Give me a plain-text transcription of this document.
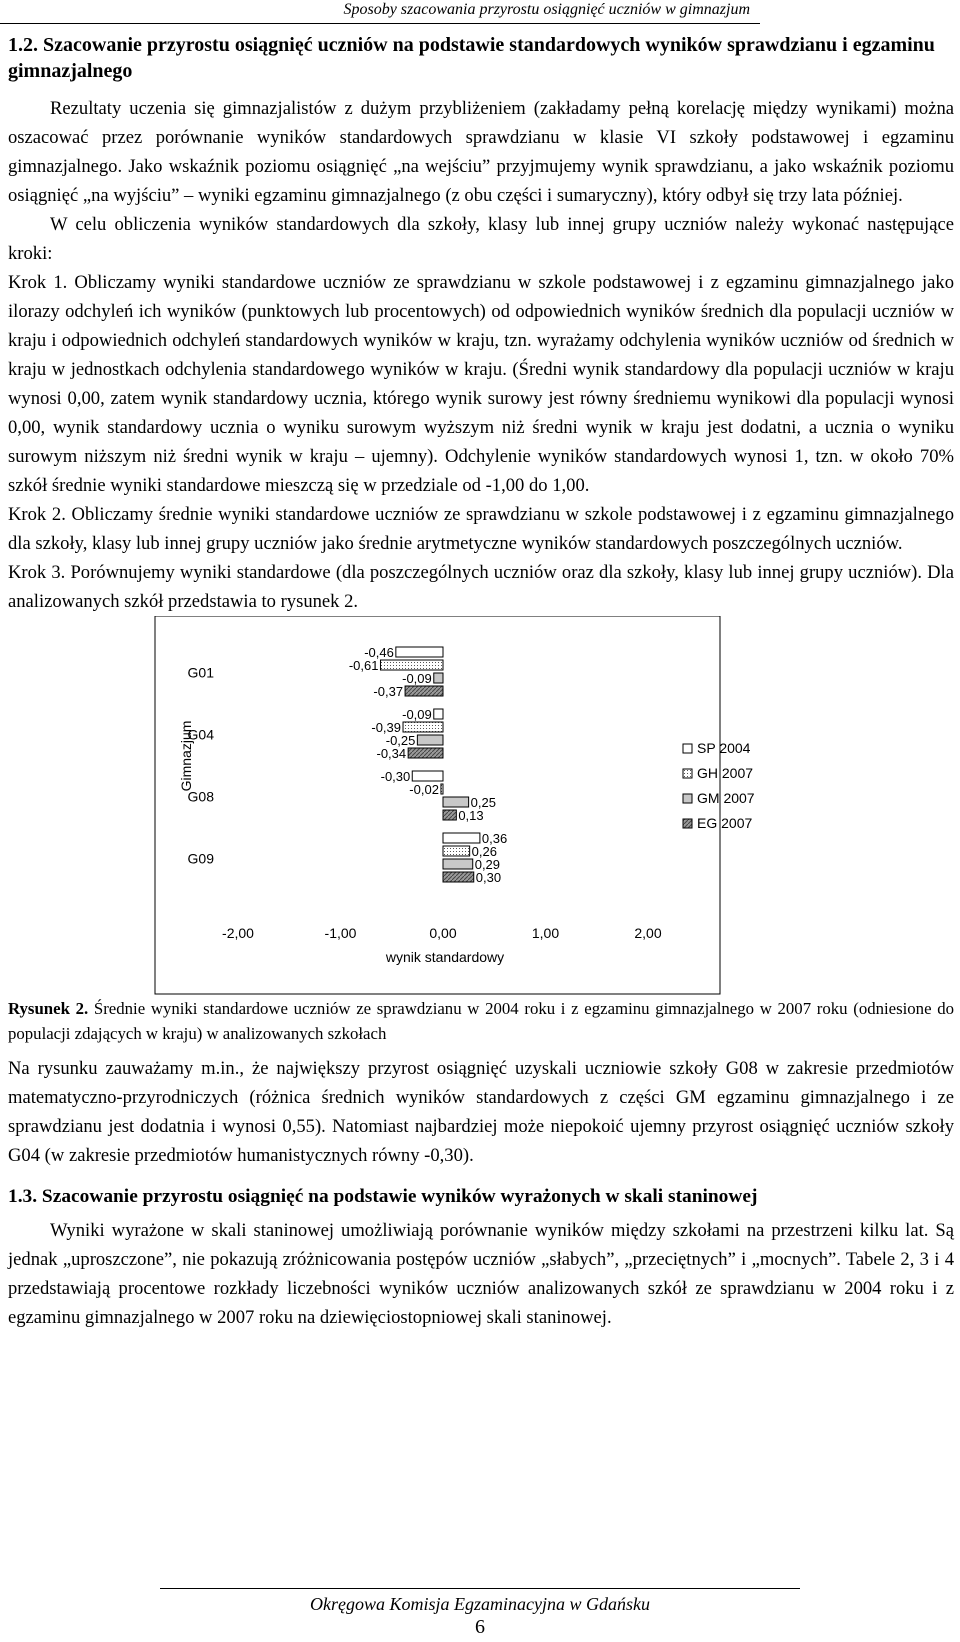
Sposoby szacowania przyrostu osiągnięć uczniów w gimnazjum
1.2. Szacowanie przyrostu osiągnięć uczniów na podstawie standardowych wyników sprawdzianu i egzaminu gimnazjalnego

Rezultaty uczenia się gimnazjalistów z dużym przybliżeniem (zakładamy pełną korelację między wynikami) można oszacować przez porównanie wyników standardowych sprawdzianu w klasie VI szkoły podstawowej i egzaminu gimnazjalnego. Jako wskaźnik poziomu osiągnięć „na wejściu” przyjmujemy wynik sprawdzianu, a jako wskaźnik poziomu osiągnięć „na wyjściu” – wyniki egzaminu gimnazjalnego (z obu części i sumaryczny), który odbył się trzy lata później.

W celu obliczenia wyników standardowych dla szkoły, klasy lub innej grupy uczniów należy wykonać następujące kroki:

Krok 1. Obliczamy wyniki standardowe uczniów ze sprawdzianu w szkole podstawowej i z egzaminu gimnazjalnego jako ilorazy odchyleń ich wyników (punktowych lub procentowych) od odpowiednich wyników średnich dla populacji uczniów w kraju i odpowiednich odchyleń standardowych wyników w kraju, tzn. wyrażamy odchylenia wyników uczniów od średnich w kraju w jednostkach odchylenia standardowego wyników w kraju. (Średni wynik standardowy dla populacji uczniów w kraju wynosi 0,00, zatem wynik standardowy ucznia, którego wynik surowy jest równy średniemu wynikowi dla populacji wynosi 0,00, wynik standardowy ucznia o wyniku surowym wyższym niż średni wynik w kraju jest dodatni, a ucznia o wyniku surowym niższym niż średni wynik w kraju – ujemny). Odchylenie wyników standardowych wynosi 1, tzn. w około 70% szkół średnie wyniki standardowe mieszczą się w przedziale od -1,00 do 1,00.

Krok 2. Obliczamy średnie wyniki standardowe uczniów ze sprawdzianu w szkole podstawowej i z egzaminu gimnazjalnego dla szkoły, klasy lub innej grupy uczniów jako średnie arytmetyczne wyników standardowych poszczególnych uczniów.

Krok 3. Porównujemy wyniki standardowe (dla poszczególnych uczniów oraz dla szkoły, klasy lub innej grupy uczniów). Dla analizowanych szkół przedstawia to rysunek 2.

G01
-0,46
-0,61
-0,09
-0,37
G04
-0,09
-0,39
-0,25
-0,34
G08
-0,30
-0,02
0,25
0,13
G09
0,36
0,26
0,29
0,30
Gimnazjum
-2,00	-1,00	0,00	1,00	2,00
wynik standardowy
SP 2004
GH 2007
GM 2007
EG 2007

Rysunek 2. Średnie wyniki standardowe uczniów ze sprawdzianu w 2004 roku i z egzaminu gimnazjalnego w 2007 roku (odniesione do populacji zdających w kraju) w analizowanych szkołach

Na rysunku zauważamy m.in., że największy przyrost osiągnięć uzyskali uczniowie szkoły G08 w zakresie przedmiotów matematyczno-przyrodniczych (różnica średnich wyników standardowych z części GM egzaminu gimnazjalnego i ze sprawdzianu jest dodatnia i wynosi 0,55). Natomiast najbardziej może niepokoić ujemny przyrost osiągnięć uczniów szkoły G04 (w zakresie przedmiotów humanistycznych równy -0,30).

1.3. Szacowanie przyrostu osiągnięć na podstawie wyników wyrażonych w skali staninowej

Wyniki wyrażone w skali staninowej umożliwiają porównanie wyników między szkołami na przestrzeni kilku lat. Są jednak „uproszczone”, nie pokazują zróżnicowania postępów uczniów „słabych”, „przeciętnych” i „mocnych”. Tabele 2, 3 i 4 przedstawiają procentowe rozkłady liczebności wyników uczniów analizowanych szkół ze sprawdzianu w 2004 roku i z egzaminu gimnazjalnego w 2007 roku na dziewięciostopniowej skali staninowej.

Okręgowa Komisja Egzaminacyjna w Gdańsku
6
